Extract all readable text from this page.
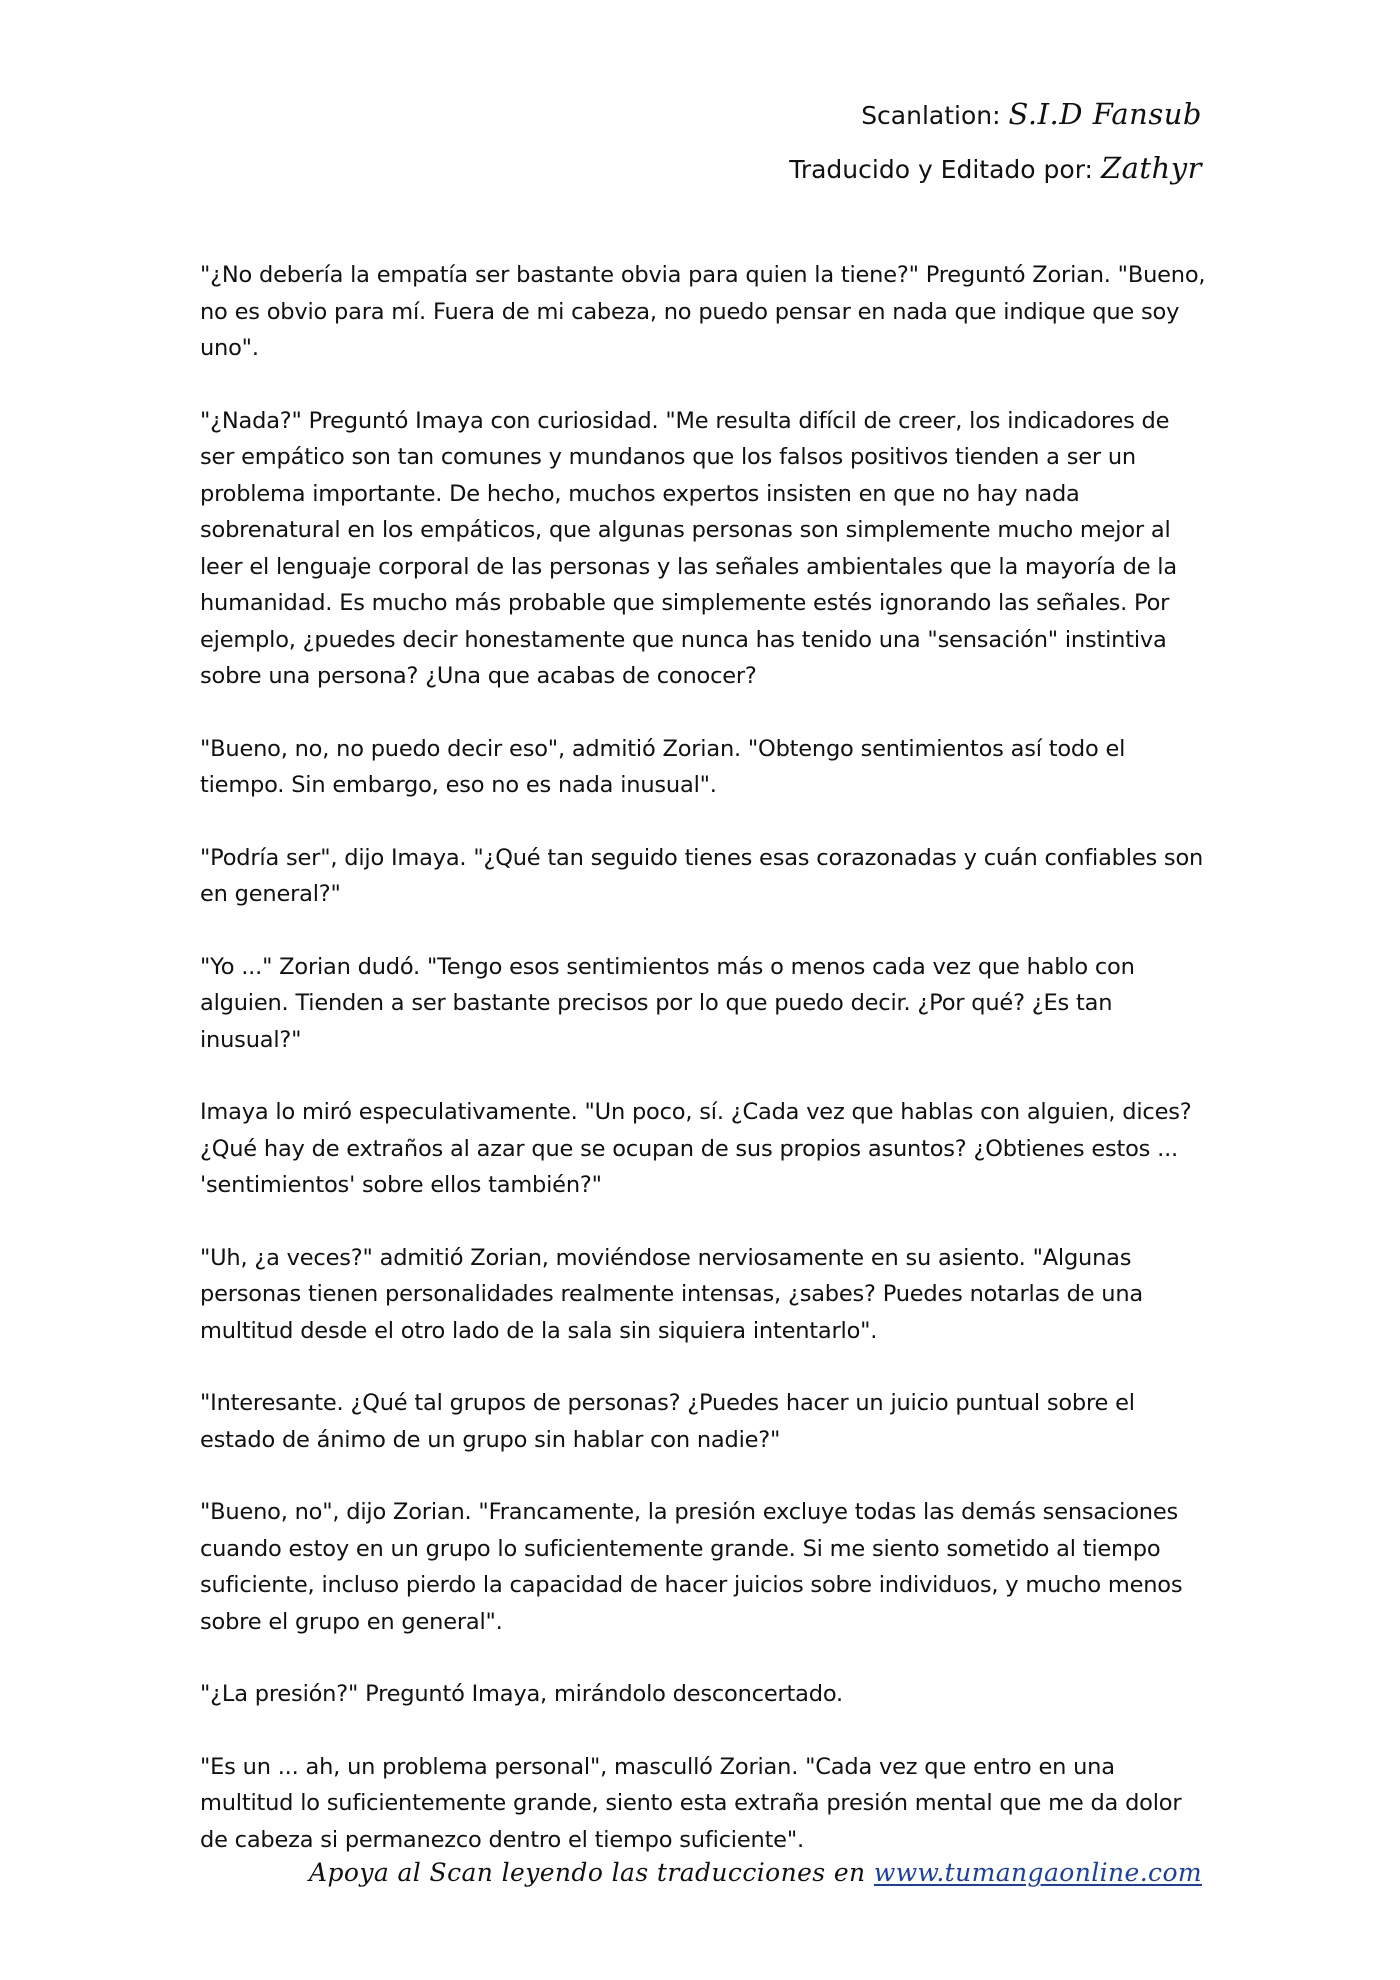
Scanlation: S.I.D Fansub
Traducido y Editado por: Zathyr

"¿No debería la empatía ser bastante obvia para quien la tiene?" Preguntó Zorian. "Bueno, no es obvio para mí. Fuera de mi cabeza, no puedo pensar en nada que indique que soy uno".

"¿Nada?" Preguntó Imaya con curiosidad. "Me resulta difícil de creer, los indicadores de ser empático son tan comunes y mundanos que los falsos positivos tienden a ser un problema importante. De hecho, muchos expertos insisten en que no hay nada sobrenatural en los empáticos, que algunas personas son simplemente mucho mejor al leer el lenguaje corporal de las personas y las señales ambientales que la mayoría de la humanidad. Es mucho más probable que simplemente estés ignorando las señales. Por ejemplo, ¿puedes decir honestamente que nunca has tenido una "sensación" instintiva sobre una persona? ¿Una que acabas de conocer?

"Bueno, no, no puedo decir eso", admitió Zorian. "Obtengo sentimientos así todo el tiempo. Sin embargo, eso no es nada inusual".

"Podría ser", dijo Imaya. "¿Qué tan seguido tienes esas corazonadas y cuán confiables son en general?"

"Yo ..." Zorian dudó. "Tengo esos sentimientos más o menos cada vez que hablo con alguien. Tienden a ser bastante precisos por lo que puedo decir. ¿Por qué? ¿Es tan inusual?"

Imaya lo miró especulativamente. "Un poco, sí. ¿Cada vez que hablas con alguien, dices? ¿Qué hay de extraños al azar que se ocupan de sus propios asuntos? ¿Obtienes estos ... 'sentimientos' sobre ellos también?"

"Uh, ¿a veces?" admitió Zorian, moviéndose nerviosamente en su asiento. "Algunas personas tienen personalidades realmente intensas, ¿sabes? Puedes notarlas de una multitud desde el otro lado de la sala sin siquiera intentarlo".

"Interesante. ¿Qué tal grupos de personas? ¿Puedes hacer un juicio puntual sobre el estado de ánimo de un grupo sin hablar con nadie?"

"Bueno, no", dijo Zorian. "Francamente, la presión excluye todas las demás sensaciones cuando estoy en un grupo lo suficientemente grande. Si me siento sometido al tiempo suficiente, incluso pierdo la capacidad de hacer juicios sobre individuos, y mucho menos sobre el grupo en general".

"¿La presión?" Preguntó Imaya, mirándolo desconcertado.

"Es un ... ah, un problema personal", masculló Zorian. "Cada vez que entro en una multitud lo suficientemente grande, siento esta extraña presión mental que me da dolor de cabeza si permanezco dentro el tiempo suficiente".

Apoya al Scan leyendo las traducciones en www.tumangaonline.com
